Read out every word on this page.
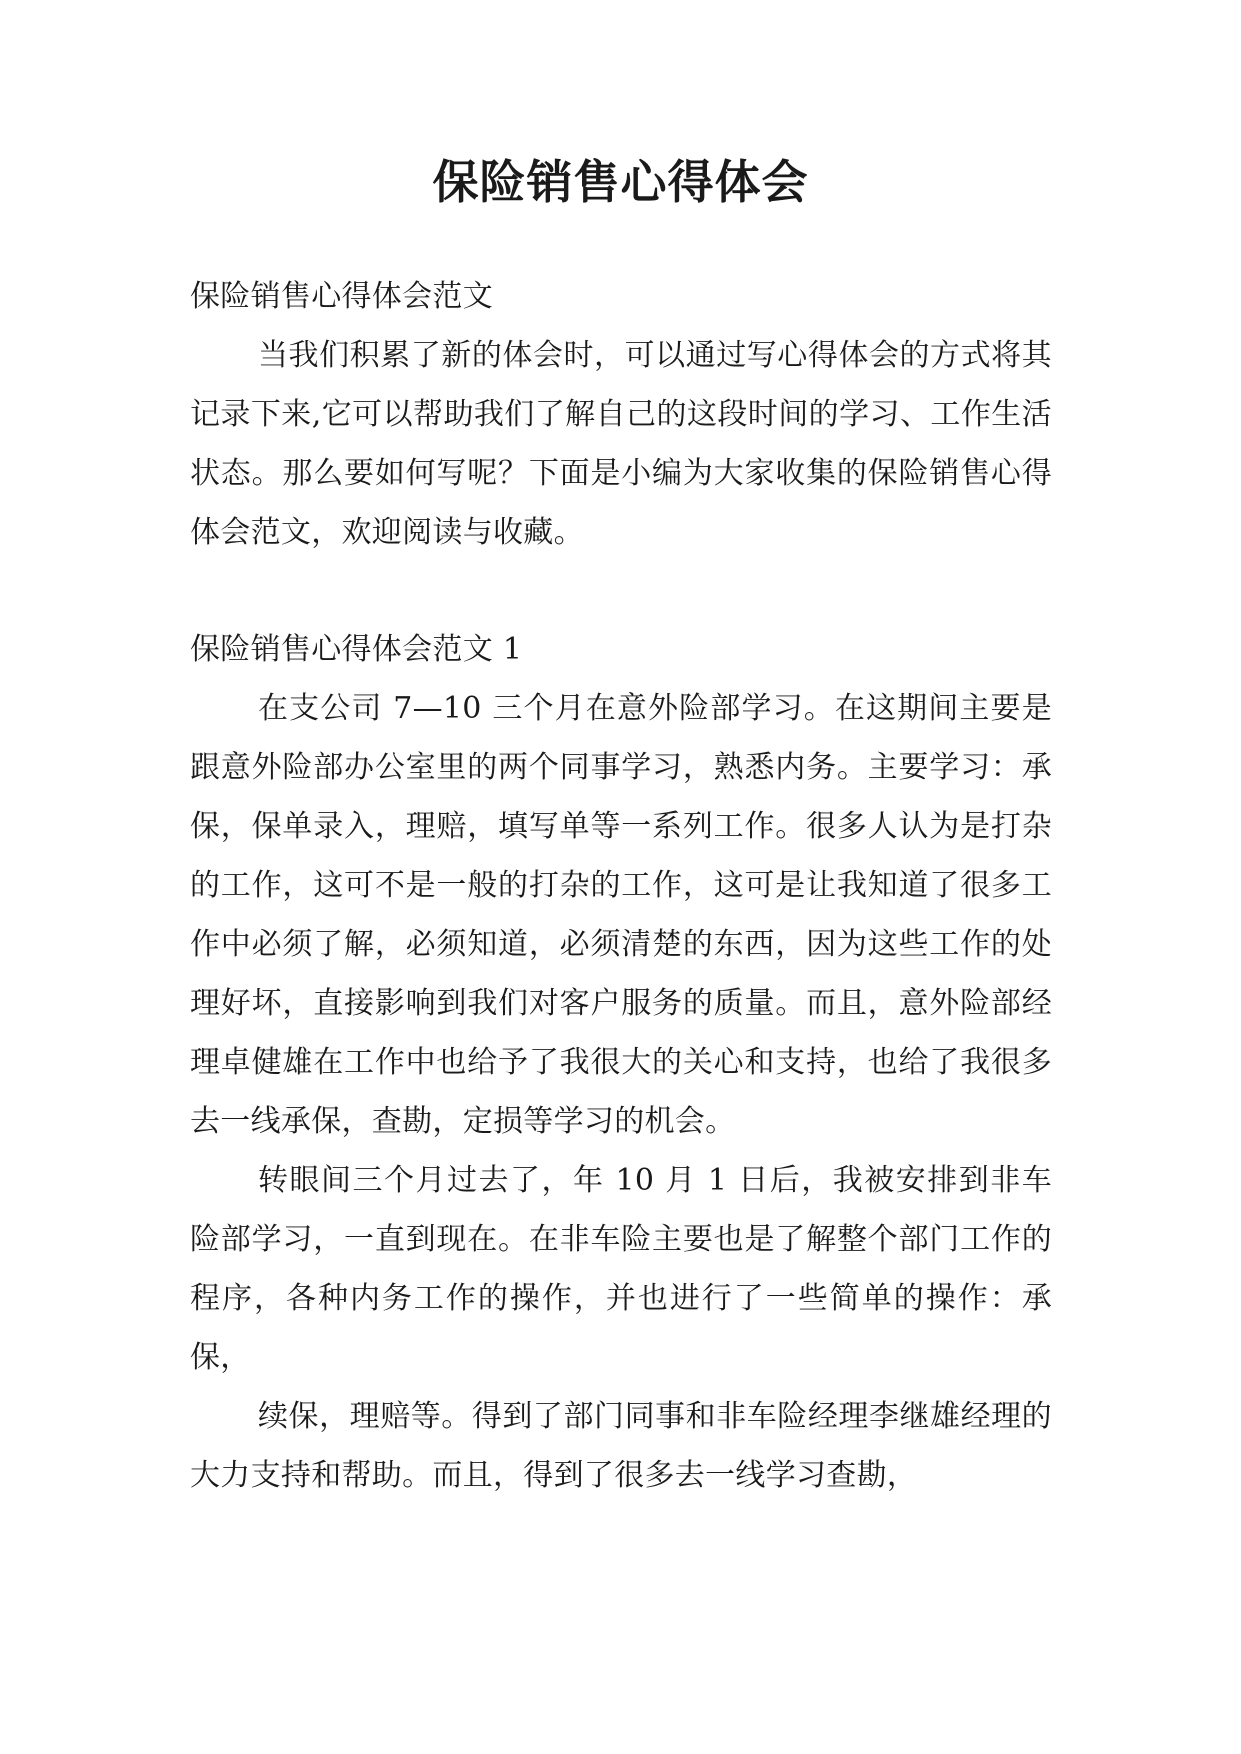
保险销售心得体会
保险销售心得体会范文

当我们积累了新的体会时，可以通过写心得体会的方式将其记录下来,它可以帮助我们了解自己的这段时间的学习、工作生活状态。那么要如何写呢？下面是小编为大家收集的保险销售心得体会范文，欢迎阅读与收藏。

保险销售心得体会范文 1

在支公司 7—10 三个月在意外险部学习。在这期间主要是跟意外险部办公室里的两个同事学习，熟悉内务。主要学习：承保，保单录入，理赔，填写单等一系列工作。很多人认为是打杂的工作，这可不是一般的打杂的工作，这可是让我知道了很多工作中必须了解，必须知道，必须清楚的东西，因为这些工作的处理好坏，直接影响到我们对客户服务的质量。而且，意外险部经理卓健雄在工作中也给予了我很大的关心和支持，也给了我很多去一线承保，查勘，定损等学习的机会。

转眼间三个月过去了，年 10 月 1 日后，我被安排到非车险部学习，一直到现在。在非车险主要也是了解整个部门工作的程序，各种内务工作的操作，并也进行了一些简单的操作：承保，

续保，理赔等。得到了部门同事和非车险经理李继雄经理的大力支持和帮助。而且，得到了很多去一线学习查勘，
